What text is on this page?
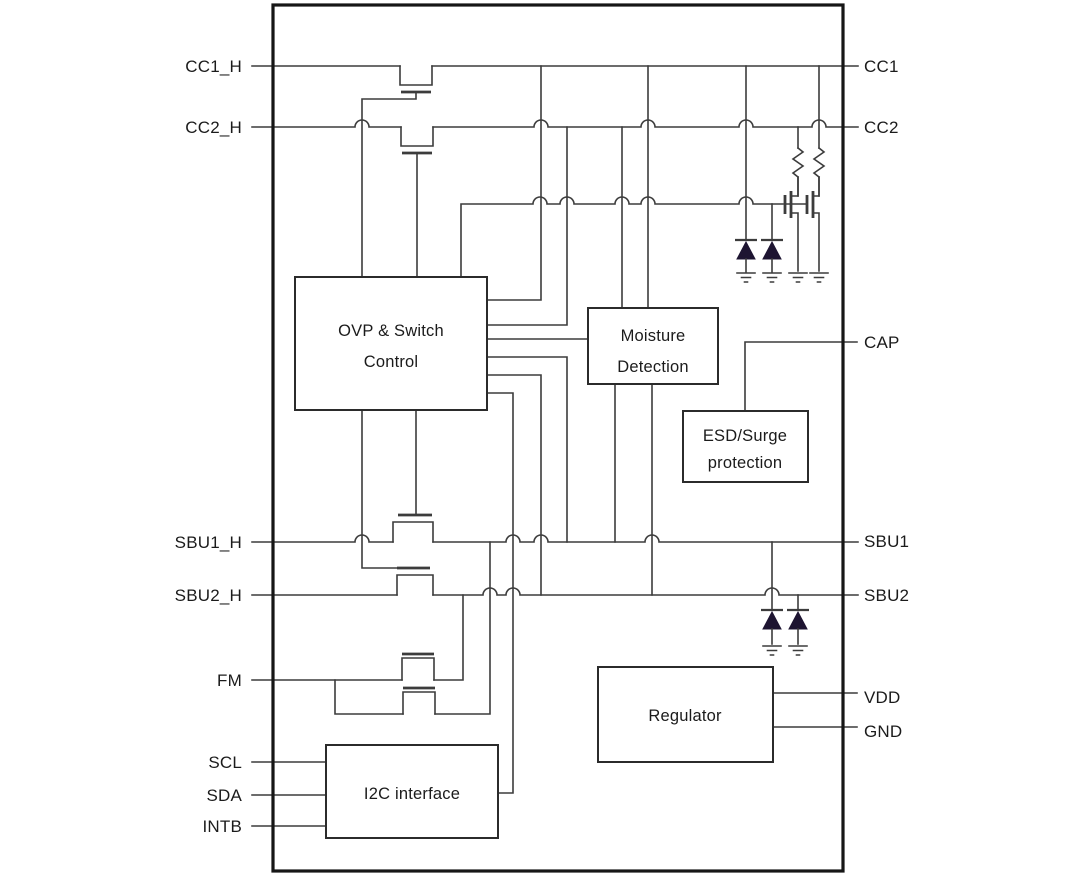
OVP & Switch
Control
Moisture
Detection
ESD/Surge
protection
Regulator
I2C interface
CC1_H
CC2_H
SBU1_H
SBU2_H
FM
SCL
SDA
INTB
CC1
CC2
CAP
SBU1
SBU2
VDD
GND
